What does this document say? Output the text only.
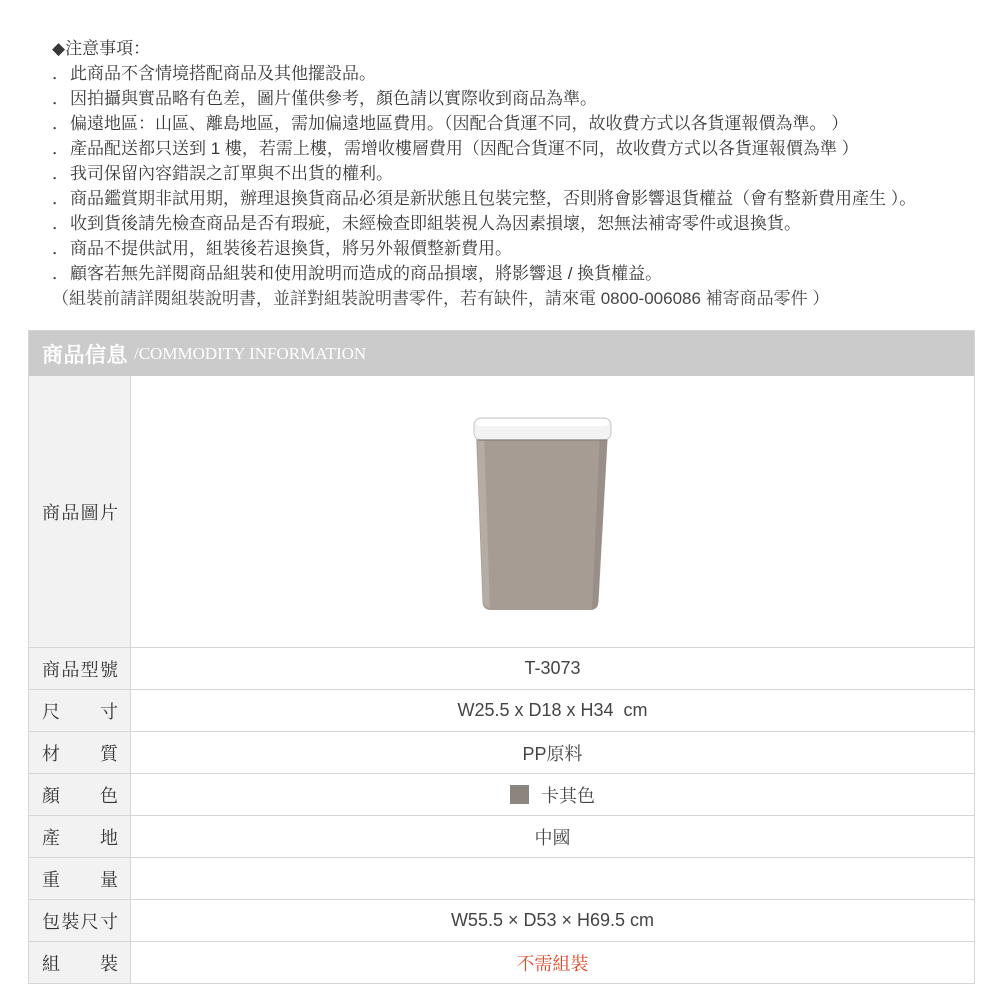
◆注意事項：
． 此商品不含情境搭配商品及其他擺設品。
． 因拍攝與實品略有色差，圖片僅供參考，顏色請以實際收到商品為準。
． 偏遠地區：山區、離島地區，需加偏遠地區費用。（因配合貨運不同，故收費方式以各貨運報價為準。 ）
． 產品配送都只送到 1 樓，若需上樓，需增收樓層費用（因配合貨運不同，故收費方式以各貨運報價為準 ）
． 我司保留內容錯誤之訂單與不出貨的權利。
． 商品鑑賞期非試用期，辦理退換貨商品必須是新狀態且包裝完整，否則將會影響退貨權益（會有整新費用產生 ）。
． 收到貨後請先檢查商品是否有瑕疵，未經檢查即組裝視人為因素損壞，恕無法補寄零件或退換貨。
． 商品不提供試用，組裝後若退換貨，將另外報價整新費用。
． 顧客若無先詳閱商品組裝和使用說明而造成的商品損壞，將影響退 / 換貨權益。
（組裝前請詳閱組裝說明書，並詳對組裝說明書零件，若有缺件，請來電 0800-006086 補寄商品零件 ）
商品信息 /COMMODITY INFORMATION
商品圖片
商品型號	T-3073
尺寸	W25.5 x D18 x H34  cm
材質	PP原料
顏色	卡其色
產地	中國
重量
包裝尺寸	W55.5 × D53 × H69.5 cm
組裝	不需組裝
